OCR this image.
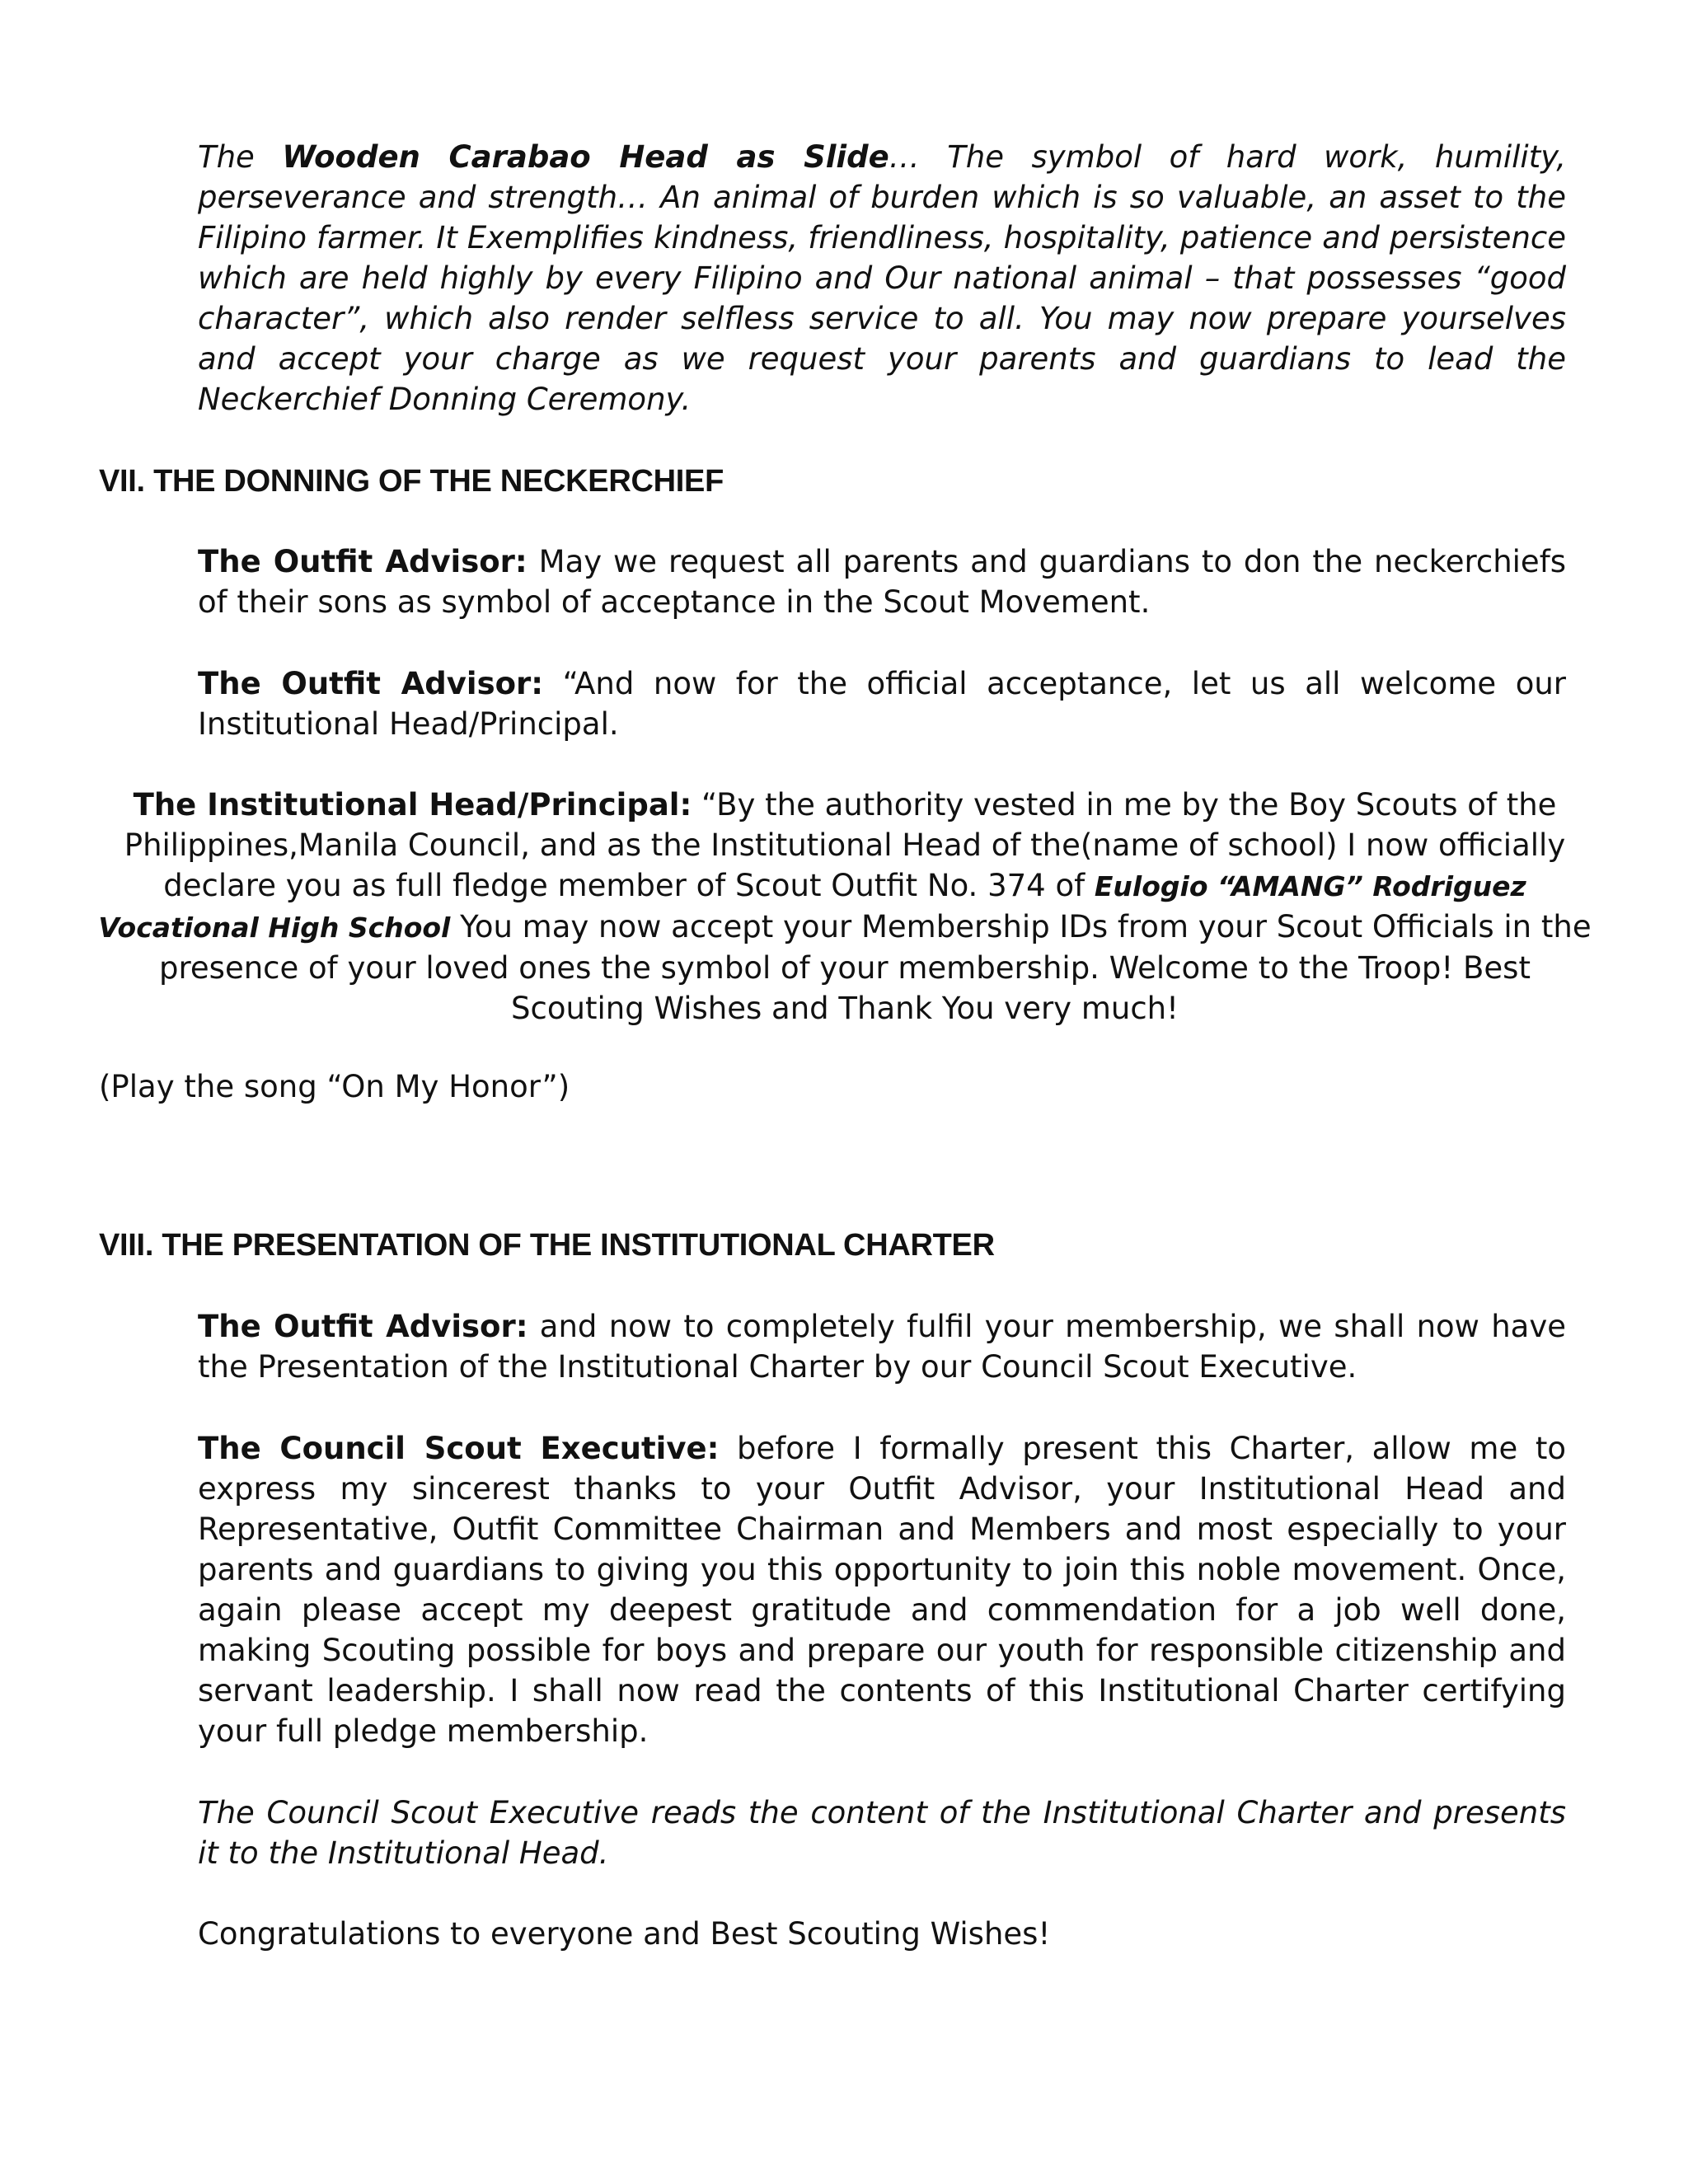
The Wooden Carabao Head as Slide… The symbol of hard work, humility, perseverance and strength… An animal of burden which is so valuable, an asset to the Filipino farmer. It Exemplifies kindness, friendliness, hospitality, patience and persistence which are held highly by every Filipino and Our national animal – that possesses “good character”, which also render selfless service to all. You may now prepare yourselves and accept your charge as we request your parents and guardians to lead the Neckerchief Donning Ceremony.

VII. THE DONNING OF THE NECKERCHIEF

The Outfit Advisor: May we request all parents and guardians to don the neckerchiefs of their sons as symbol of acceptance in the Scout Movement.

The Outfit Advisor: “And now for the official acceptance, let us all welcome our Institutional Head/Principal.

The Institutional Head/Principal: “By the authority vested in me by the Boy Scouts of the Philippines,Manila Council, and as the Institutional Head of the(name of school) I now officially declare you as full fledge member of Scout Outfit No. 374 of Eulogio “AMANG” Rodriguez Vocational High School You may now accept your Membership IDs from your Scout Officials in the presence of your loved ones the symbol of your membership. Welcome to the Troop! Best Scouting Wishes and Thank You very much!

(Play the song “On My Honor”)

VIII. THE PRESENTATION OF THE INSTITUTIONAL CHARTER

The Outfit Advisor: and now to completely fulfil your membership, we shall now have the Presentation of the Institutional Charter by our Council Scout Executive.

The Council Scout Executive: before I formally present this Charter, allow me to express my sincerest thanks to your Outfit Advisor, your Institutional Head and Representative, Outfit Committee Chairman and Members and most especially to your parents and guardians to giving you this opportunity to join this noble movement. Once, again please accept my deepest gratitude and commendation for a job well done, making Scouting possible for boys and prepare our youth for responsible citizenship and servant leadership. I shall now read the contents of this Institutional Charter certifying your full pledge membership.

The Council Scout Executive reads the content of the Institutional Charter and presents it to the Institutional Head.

Congratulations to everyone and Best Scouting Wishes!
